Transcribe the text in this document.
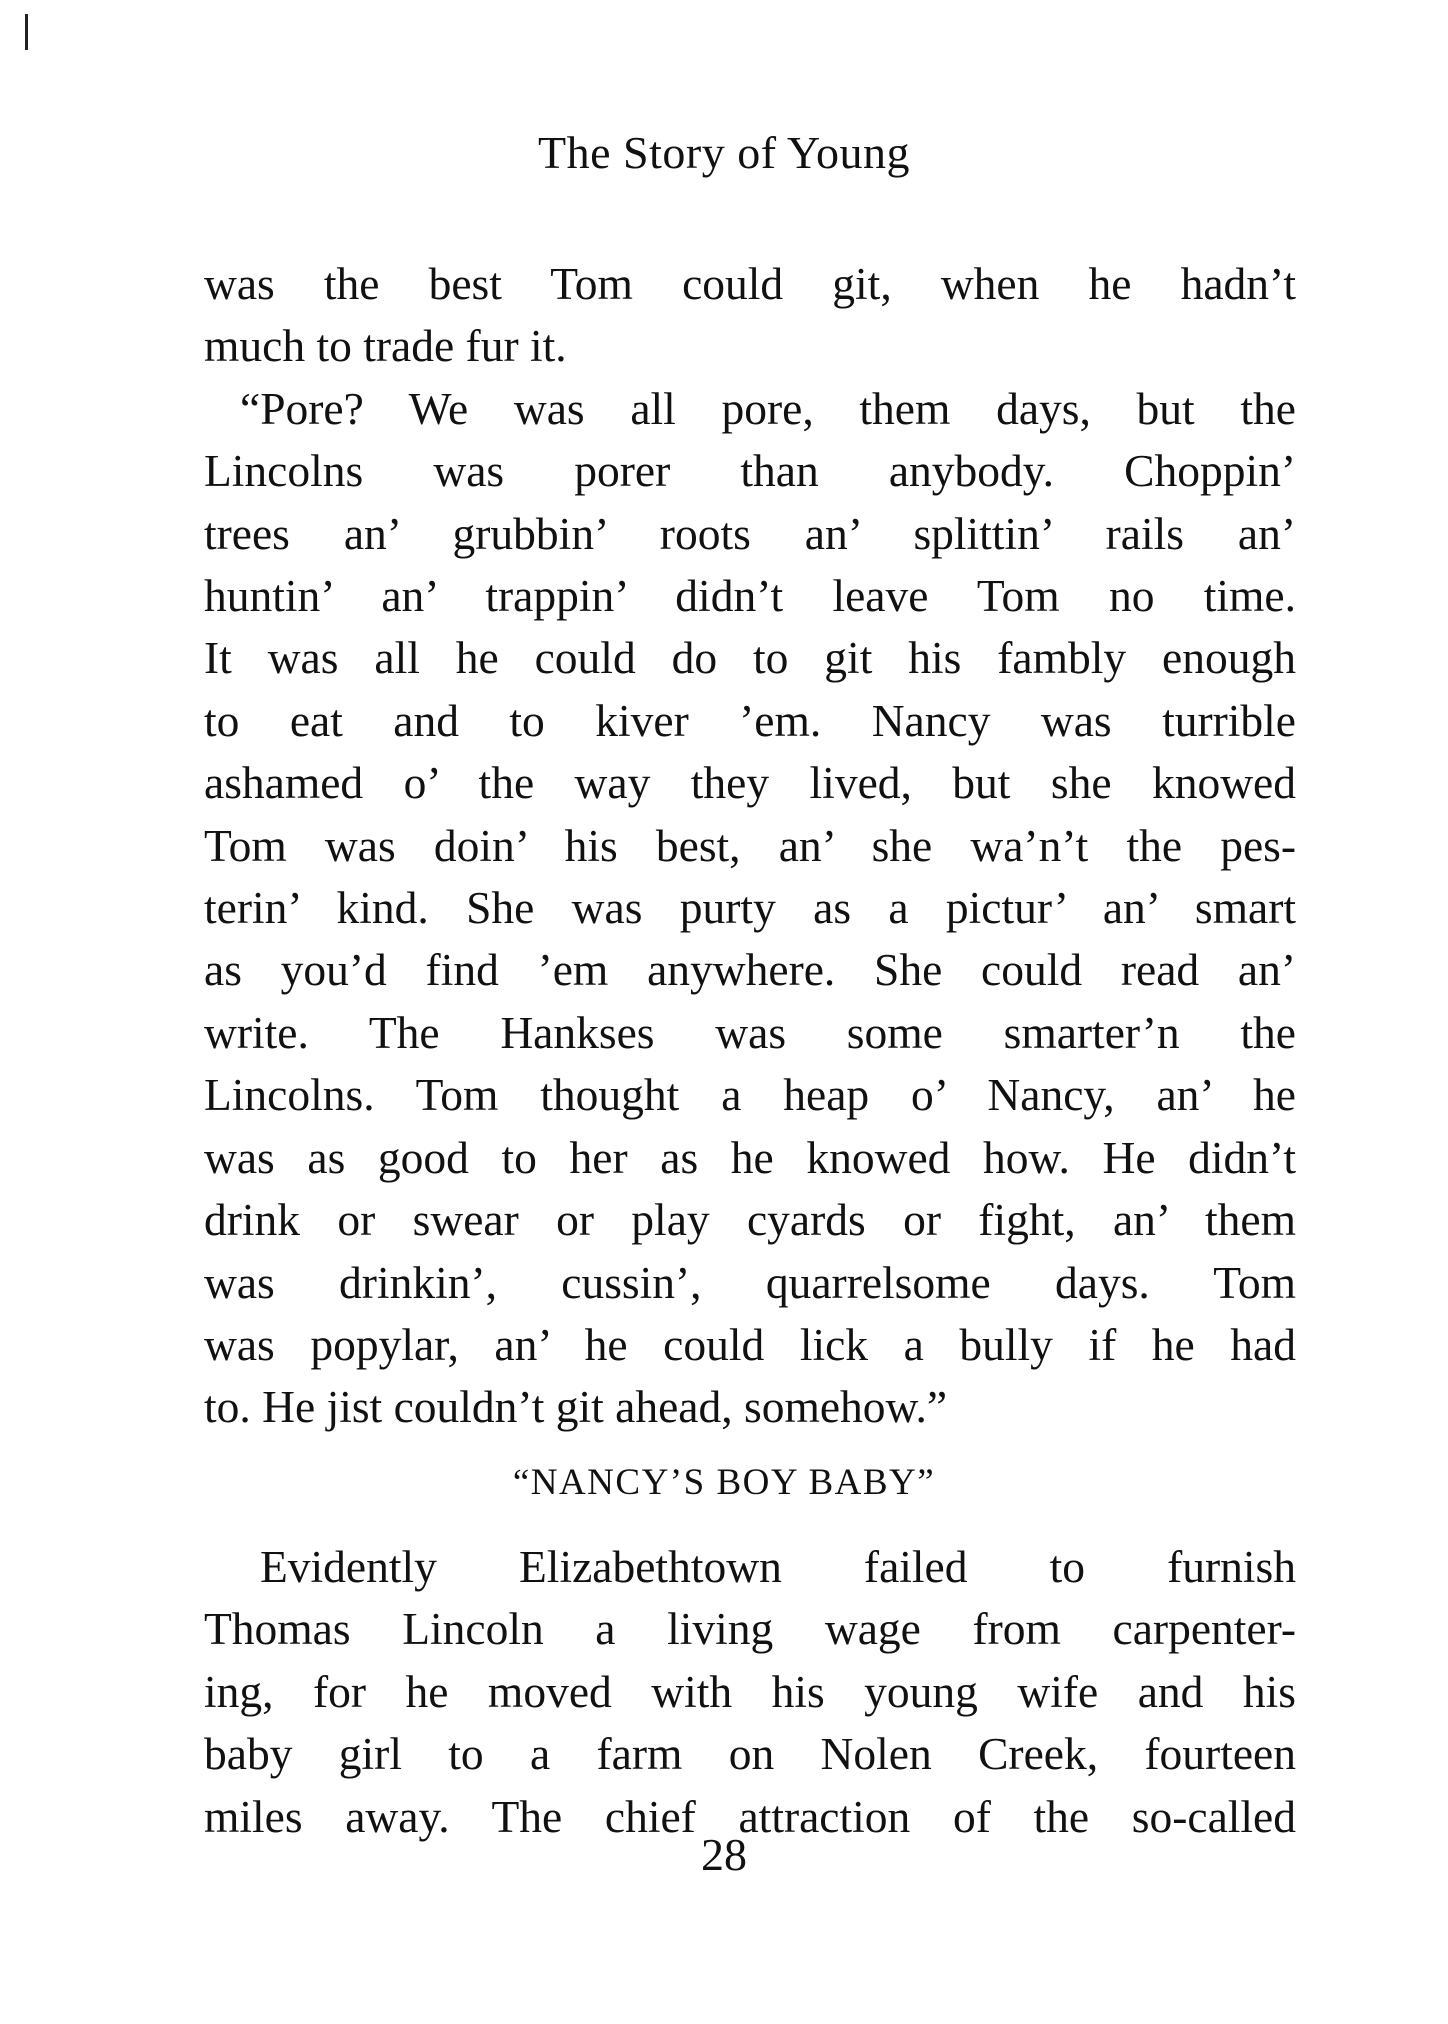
The Story of Young
was the best Tom could git, when he hadn’t
much to trade fur it.
“Pore? We was all pore, them days, but the
Lincolns was porer than anybody. Choppin’
trees an’ grubbin’ roots an’ splittin’ rails an’
huntin’ an’ trappin’ didn’t leave Tom no time.
It was all he could do to git his fambly enough
to eat and to kiver ’em. Nancy was turrible
ashamed o’ the way they lived, but she knowed
Tom was doin’ his best, an’ she wa’n’t the pes-
terin’ kind. She was purty as a pictur’ an’ smart
as you’d find ’em anywhere. She could read an’
write. The Hankses was some smarter’n the
Lincolns. Tom thought a heap o’ Nancy, an’ he
was as good to her as he knowed how. He didn’t
drink or swear or play cyards or fight, an’ them
was drinkin’, cussin’, quarrelsome days. Tom
was popylar, an’ he could lick a bully if he had
to. He jist couldn’t git ahead, somehow.”
“NANCY’S BOY BABY”
Evidently Elizabethtown failed to furnish
Thomas Lincoln a living wage from carpenter-
ing, for he moved with his young wife and his
baby girl to a farm on Nolen Creek, fourteen
miles away. The chief attraction of the so-called
28
